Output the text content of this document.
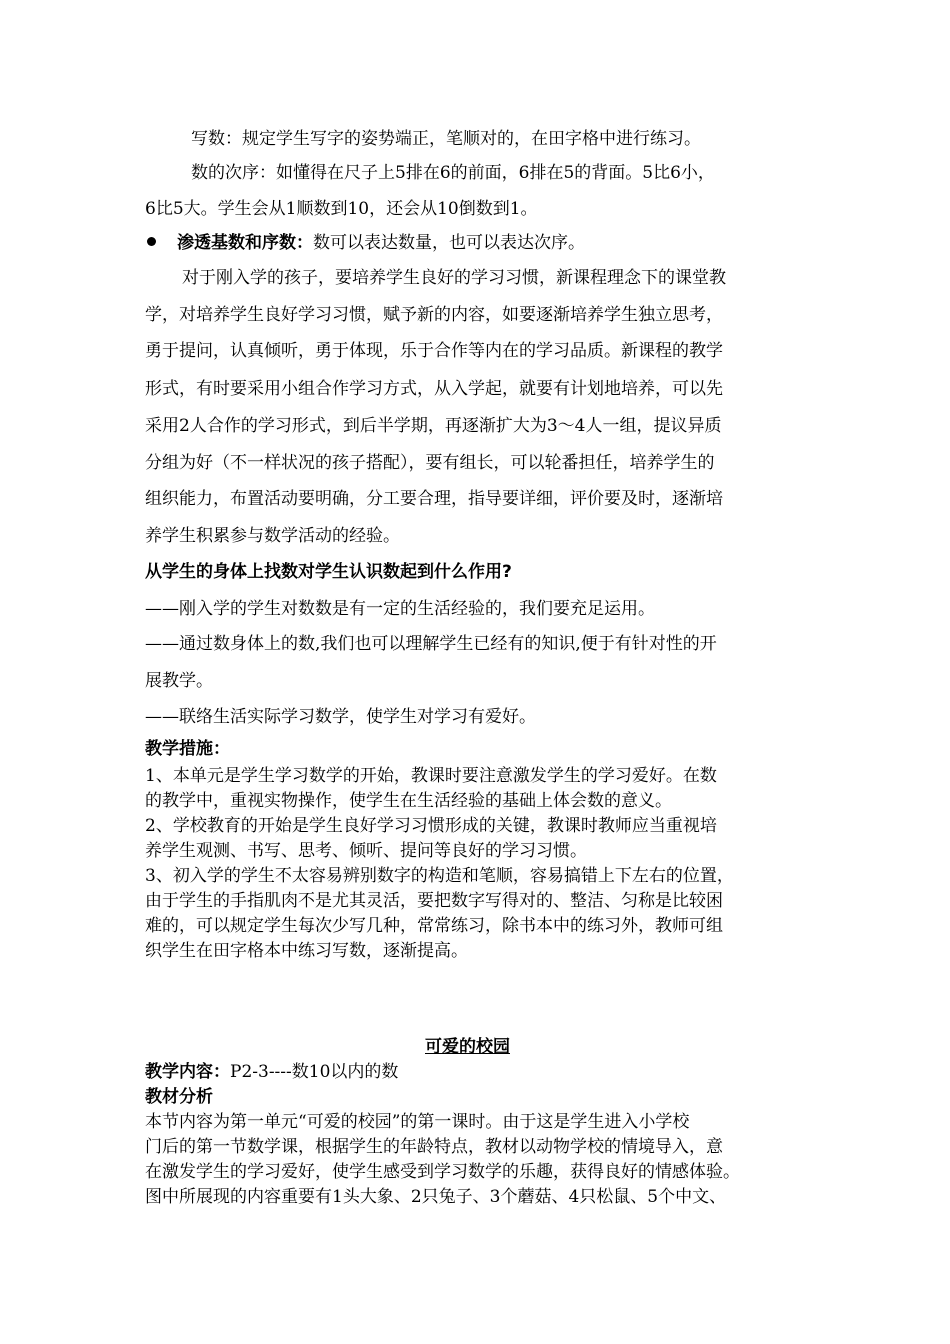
写数：规定学生写字的姿势端正，笔顺对的，在田字格中进行练习。
数的次序：如懂得在尺子上5排在6的前面，6排在5的背面。5比6小，
6比5大。学生会从1顺数到10，还会从10倒数到1。
渗透基数和序数：数可以表达数量，也可以表达次序。
对于刚入学的孩子，要培养学生良好的学习习惯，新课程理念下的课堂教
学，对培养学生良好学习习惯，赋予新的内容，如要逐渐培养学生独立思考，
勇于提问，认真倾听，勇于体现，乐于合作等内在的学习品质。新课程的教学
形式，有时要采用小组合作学习方式，从入学起，就要有计划地培养，可以先
采用2人合作的学习形式，到后半学期，再逐渐扩大为3～4人一组，提议异质
分组为好（不一样状况的孩子搭配），要有组长，可以轮番担任，培养学生的
组织能力，布置活动要明确，分工要合理，指导要详细，评价要及时，逐渐培
养学生积累参与数学活动的经验。
从学生的身体上找数对学生认识数起到什么作用?
——刚入学的学生对数数是有一定的生活经验的，我们要充足运用。
——通过数身体上的数,我们也可以理解学生已经有的知识,便于有针对性的开
展教学。
——联络生活实际学习数学，使学生对学习有爱好。
教学措施：
1、本单元是学生学习数学的开始，教课时要注意激发学生的学习爱好。在数
的教学中，重视实物操作，使学生在生活经验的基础上体会数的意义。
2、学校教育的开始是学生良好学习习惯形成的关键，教课时教师应当重视培
养学生观测、书写、思考、倾听、提问等良好的学习习惯。
3、初入学的学生不太容易辨别数字的构造和笔顺，容易搞错上下左右的位置，
由于学生的手指肌肉不是尤其灵活，要把数字写得对的、整洁、匀称是比较困
难的，可以规定学生每次少写几种，常常练习，除书本中的练习外，教师可组
织学生在田字格本中练习写数，逐渐提高。
可爱的校园
教学内容：P2-3----数10以内的数
教材分析
本节内容为第一单元“可爱的校园”的第一课时。由于这是学生进入小学校
门后的第一节数学课，根据学生的年龄特点，教材以动物学校的情境导入，意
在激发学生的学习爱好，使学生感受到学习数学的乐趣，获得良好的情感体验。
图中所展现的内容重要有1头大象、2只兔子、3个蘑菇、4只松鼠、5个中文、
